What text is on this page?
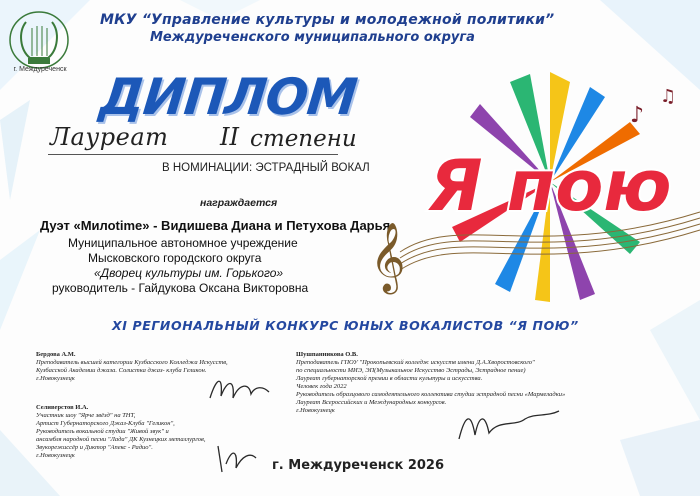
г. Междуреченск
МКУ “Управление культуры и молодежной политики”
Междуреченского муниципального округа
ДИПЛОМ
Лауреат II степени
В НОМИНАЦИИ: ЭСТРАДНЫЙ ВОКАЛ
награждается
Дуэт «Милоtime» - Видишева Диана и Петухова Дарья
Муниципальное автономное учреждение
Мысковского городского округа
«Дворец культуры им. Горького»
руководитель - Гайдукова Оксана Викторовна 𝄞
♪
♫
Я пою
XI РЕГИОНАЛЬНЫЙ КОНКУРС ЮНЫХ ВОКАЛИСТОВ “Я ПОЮ”
Бердова А.М.
Преподаватель высшей категории Кузбасского Колледжа Искусств,
Кузбасской Академии джаза. Солистка джаз- клуба Геликон.
г.Новокузнецк
Селиверстов И.А.
Участник шоу "Ярче звёзд" на ТНТ,
Артист Губернаторского Джаз-Клуба "Геликон",
Руководитель вокальной студии "Живой звук" и
ансамбля народной песни "Лада" ДК Кузнецких металлургов,
Звукорежиссёр и Диктор "Апекс - Радио".
г.Новокузнецк
Шушпанникова О.В.
Преподаватель ГПОУ "Прокопьевский колледж искусств имени Д.А.Хворостовского"
по специальности МИЭ, ЭП(Музыкальное Искусство Эстрады, Эстрадное пение)
Лауреат губернаторской премии в области культуры и искусства.
Человек года 2022
Руководитель образцового самодеятельного коллектива студии эстрадной песни «Мармеладки»
Лауреат Всероссийских и Международных конкурсов.
г.Новокузнецк
г. Междуреченск 2026
